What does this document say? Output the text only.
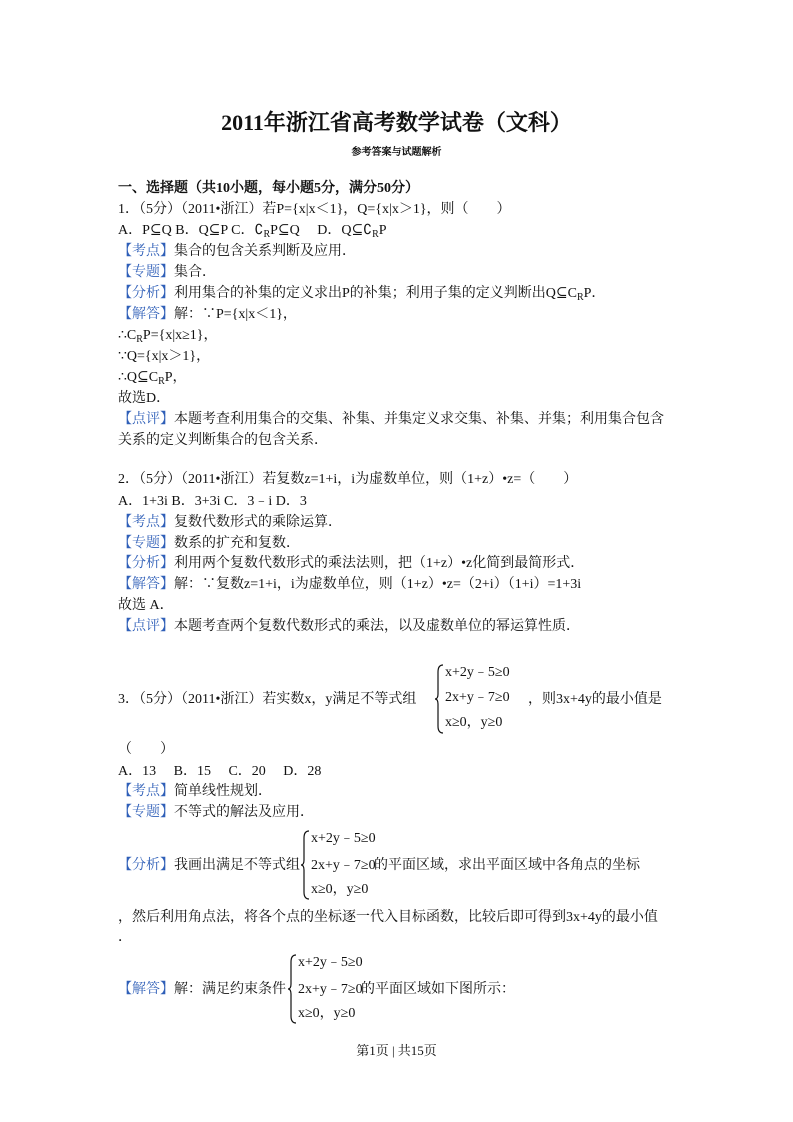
2011年浙江省高考数学试卷（文科）
参考答案与试题解析
一、选择题（共10小题，每小题5分，满分50分）
1．（5分）（2011•浙江）若P={x|x＜1}，Q={x|x＞1}，则（　　）
A．P⊆Q B．Q⊆P C．$∁_RP⊆Q$　 D．$Q⊆∁_RP$
【考点】集合的包含关系判断及应用．
【专题】集合．
【分析】利用集合的补集的定义求出P的补集；利用子集的定义判断出$Q⊆C_RP$．
【解答】解：∵P={x|x＜1}，
$\therefore C_RP=\{x|x\ge 1\}$，
∵Q={x|x＞1}，
$\therefore Q⊆C_RP$，
故选D．
【点评】本题考查利用集合的交集、补集、并集定义求交集、补集、并集；利用集合包含
关系的定义判断集合的包含关系．
2．（5分）（2011•浙江）若复数z=1+i，i为虚数单位，则（1+z）•z=（　　）
A．1+3i B．3+3i C．3﹣i D．3
【考点】复数代数形式的乘除运算．
【专题】数系的扩充和复数．
【分析】利用两个复数代数形式的乘法法则，把（1+z）•z化简到最简形式．
【解答】解：∵复数z=1+i，i为虚数单位，则（1+z）•z=（2+i）（1+i）=1+3i
故选 A．
【点评】本题考查两个复数代数形式的乘法，以及虚数单位的幂运算性质．
3．（5分）（2011•浙江）若实数x，y满足不等式组
x+2y﹣5≥0
2x+y﹣7≥0
x≥0，y≥0
，则3x+4y的最小值是
（　　）
A．13　 B．15　 C．20　 D．28
【考点】简单线性规划．
【专题】不等式的解法及应用．
【分析】我画出满足不等式组
x+2y﹣5≥0
2x+y﹣7≥0
x≥0，y≥0
的平面区域，求出平面区域中各角点的坐标
，然后利用角点法，将各个点的坐标逐一代入目标函数，比较后即可得到3x+4y的最小值
．
【解答】解：满足约束条件
x+2y﹣5≥0
2x+y﹣7≥0
x≥0，y≥0
的平面区域如下图所示：
第1页 | 共15页
